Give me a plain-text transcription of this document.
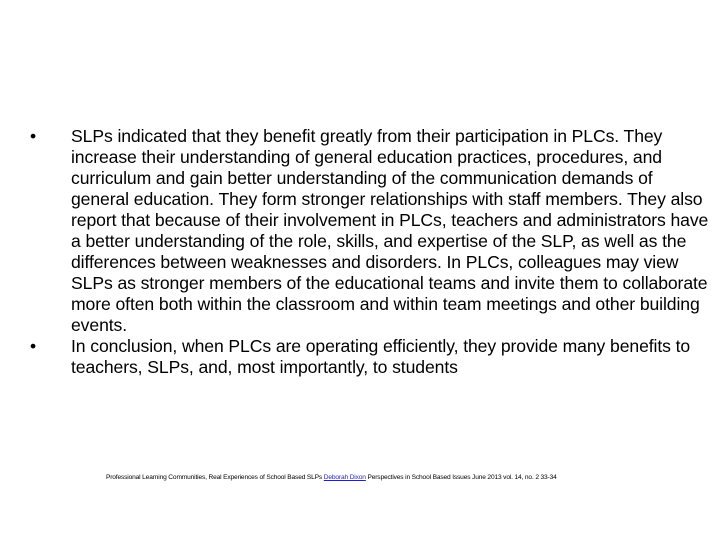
•	SLPs indicated that they benefit greatly from their participation in PLCs. They increase their understanding of general education practices, procedures, and curriculum and gain better understanding of the communication demands of general education. They form stronger relationships with staff members. They also report that because of their involvement in PLCs, teachers and administrators have a better understanding of the role, skills, and expertise of the SLP, as well as the differences between weaknesses and disorders. In PLCs, colleagues may view SLPs as stronger members of the educational teams and invite them to collaborate more often both within the classroom and within team meetings and other building events.
•	In conclusion, when PLCs are operating efficiently, they provide many benefits to teachers, SLPs, and, most importantly, to students
Professional Learning Communities, Real Experiences of School Based SLPs Deborah Dixon Perspectives in School Based Issues June 2013 vol. 14, no. 2 33-34
